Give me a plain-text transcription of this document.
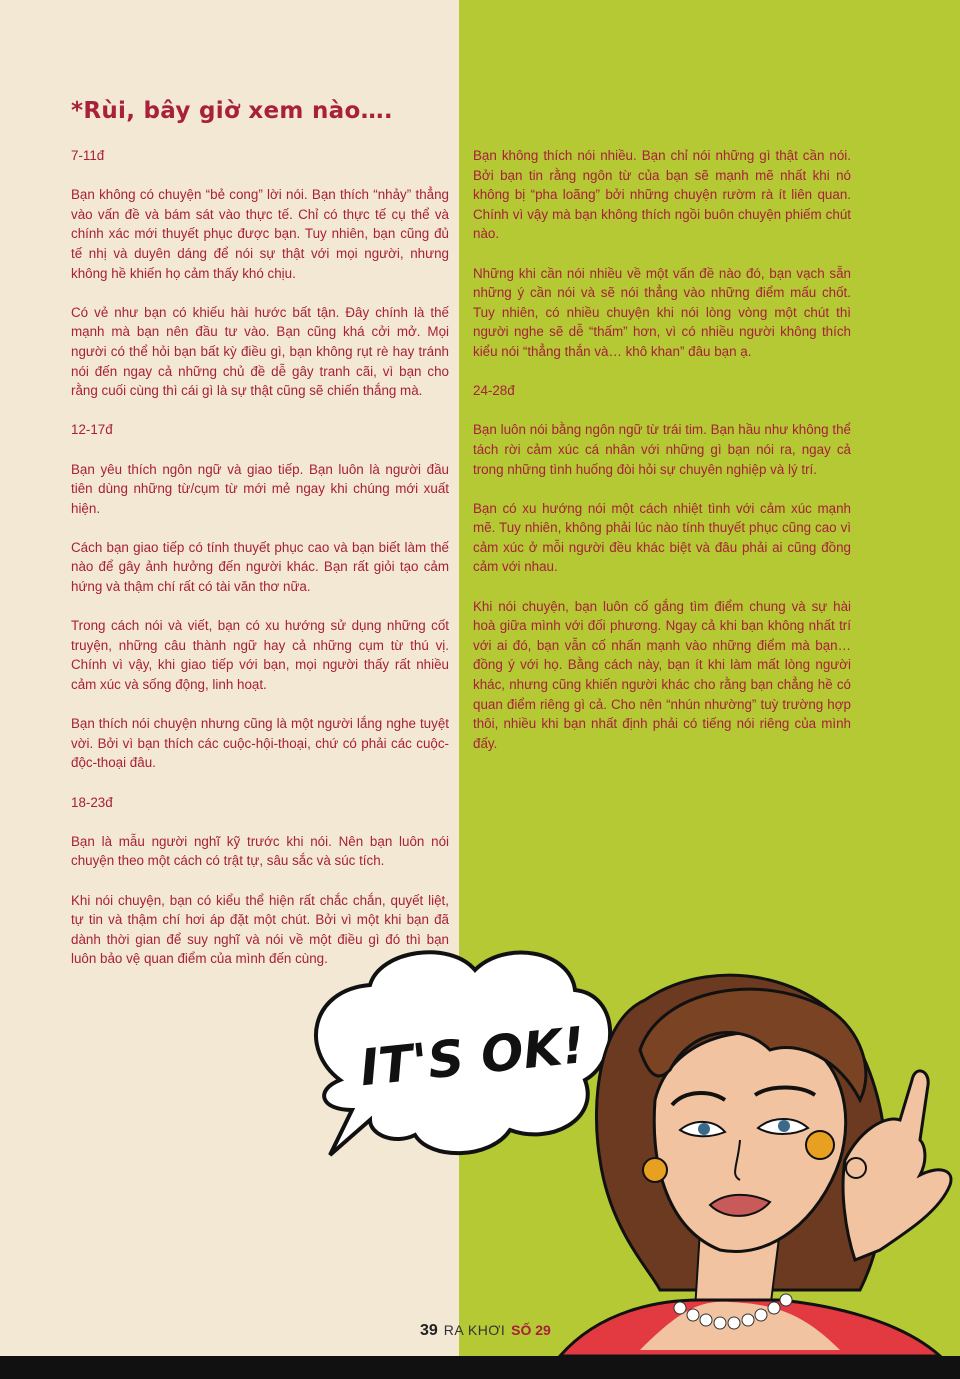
*Rùi, bây giờ xem nào….

7-11đ

Bạn không có chuyện “bẻ cong” lời nói. Bạn thích “nhảy” thẳng vào vấn đề và bám sát vào thực tế. Chỉ có thực tế cụ thể và chính xác mới thuyết phục được bạn. Tuy nhiên, bạn cũng đủ tế nhị và duyên dáng để nói sự thật với mọi người, nhưng không hề khiến họ cảm thấy khó chịu.

Có vẻ như bạn có khiếu hài hước bất tận. Đây chính là thế mạnh mà bạn nên đầu tư vào. Bạn cũng khá cởi mở. Mọi người có thể hỏi bạn bất kỳ điều gì, bạn không rụt rè hay tránh nói đến ngay cả những chủ đề dễ gây tranh cãi, vì bạn cho rằng cuối cùng thì cái gì là sự thật cũng sẽ chiến thắng mà.

12-17đ

Bạn yêu thích ngôn ngữ và giao tiếp. Bạn luôn là người đầu tiên dùng những từ/cụm từ mới mẻ ngay khi chúng mới xuất hiện.

Cách bạn giao tiếp có tính thuyết phục cao và bạn biết làm thế nào để gây ảnh hưởng đến người khác. Bạn rất giỏi tạo cảm hứng và thậm chí rất có tài văn thơ nữa.

Trong cách nói và viết, bạn có xu hướng sử dụng những cốt truyện, những câu thành ngữ hay cả những cụm từ thú vị. Chính vì vậy, khi giao tiếp với bạn, mọi người thấy rất nhiều cảm xúc và sống động, linh hoạt.

Bạn thích nói chuyện nhưng cũng là một người lắng nghe tuyệt vời. Bởi vì bạn thích các cuộc-hội-thoại, chứ có phải các cuộc-độc-thoại đâu.

18-23đ

Bạn là mẫu người nghĩ kỹ trước khi nói. Nên bạn luôn nói chuyện theo một cách có trật tự, sâu sắc và súc tích.

Khi nói chuyện, bạn có kiểu thể hiện rất chắc chắn, quyết liệt, tự tin và thậm chí hơi áp đặt một chút. Bởi vì một khi bạn đã dành thời gian để suy nghĩ và nói về một điều gì đó thì bạn luôn bảo vệ quan điểm của mình đến cùng.

Bạn không thích nói nhiều. Bạn chỉ nói những gì thật cần nói. Bởi bạn tin rằng ngôn từ của bạn sẽ mạnh mẽ nhất khi nó không bị “pha loãng” bởi những chuyện rườm rà ít liên quan. Chính vì vậy mà bạn không thích ngồi buôn chuyện phiếm chút nào.

Những khi cần nói nhiều về một vấn đề nào đó, bạn vạch sẵn những ý cần nói và sẽ nói thẳng vào những điểm mấu chốt. Tuy nhiên, có nhiều chuyện khi nói lòng vòng một chút thì người nghe sẽ dễ “thấm” hơn, vì có nhiều người không thích kiểu nói “thẳng thắn và… khô khan” đâu bạn ạ.

24-28đ

Bạn luôn nói bằng ngôn ngữ từ trái tim. Bạn hầu như không thể tách rời cảm xúc cá nhân với những gì bạn nói ra, ngay cả trong những tình huống đòi hỏi sự chuyên nghiệp và lý trí.

Bạn có xu hướng nói một cách nhiệt tình với cảm xúc mạnh mẽ. Tuy nhiên, không phải lúc nào tính thuyết phục cũng cao vì cảm xúc ở mỗi người đều khác biệt và đâu phải ai cũng đồng cảm với nhau.

Khi nói chuyện, bạn luôn cố gắng tìm điểm chung và sự hài hoà giữa mình với đối phương. Ngay cả khi bạn không nhất trí với ai đó, bạn vẫn cố nhấn mạnh vào những điểm mà bạn… đồng ý với họ. Bằng cách này, bạn ít khi làm mất lòng người khác, nhưng cũng khiến người khác cho rằng bạn chẳng hề có quan điểm riêng gì cả. Cho nên “nhún nhường” tuỳ trường hợp thôi, nhiều khi bạn nhất định phải có tiếng nói riêng của mình đấy.

IT'S OK!
39 RA KHƠI SỐ 29
